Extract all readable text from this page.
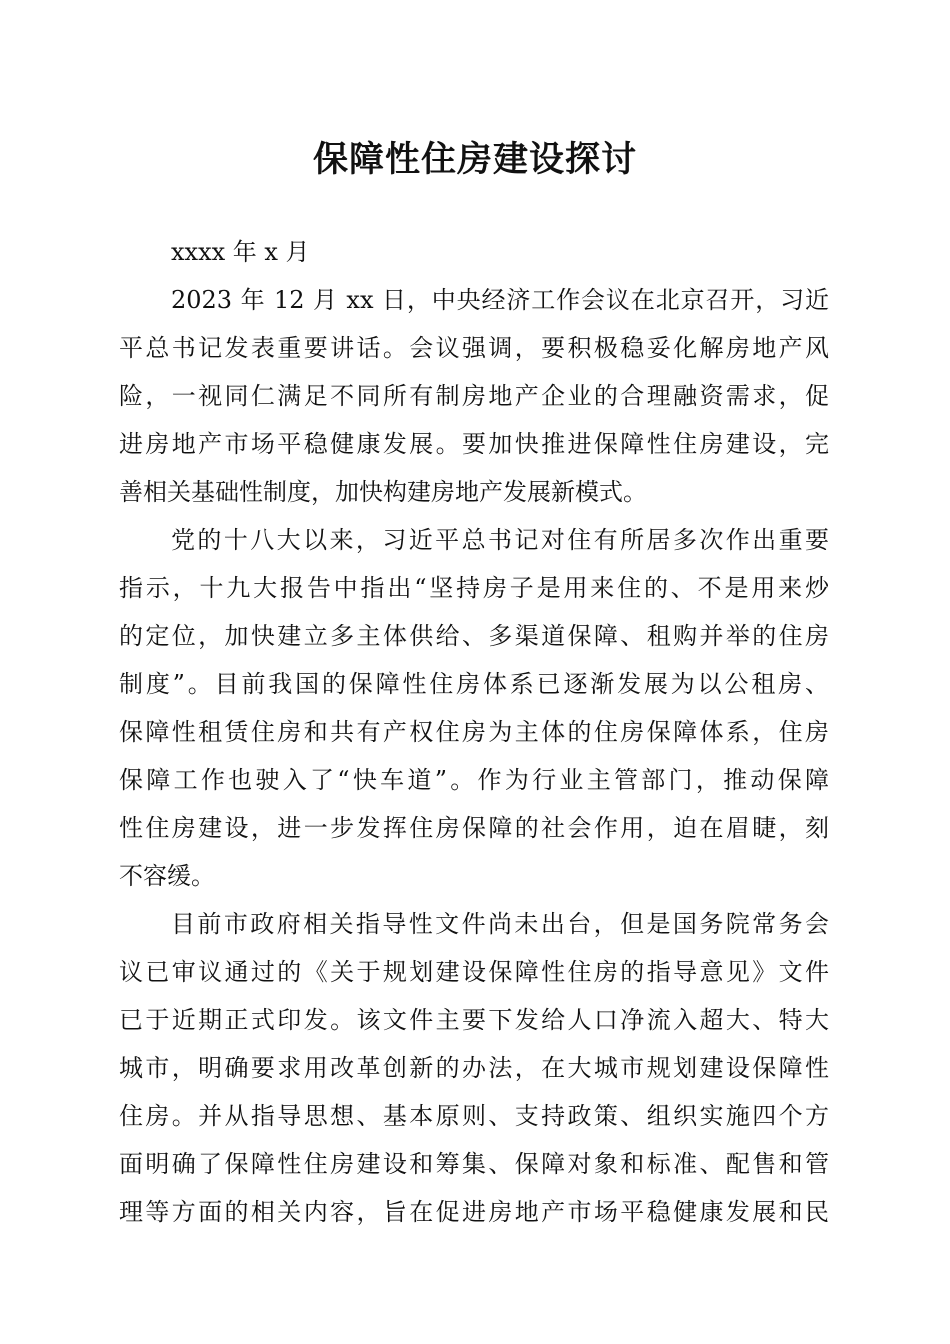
保障性住房建设探讨

xxxx 年 x 月

2023 年 12 月 xx 日，中央经济工作会议在北京召开，习近
平总书记发表重要讲话。会议强调，要积极稳妥化解房地产风
险，一视同仁满足不同所有制房地产企业的合理融资需求，促
进房地产市场平稳健康发展。要加快推进保障性住房建设，完
善相关基础性制度，加快构建房地产发展新模式。

党的十八大以来，习近平总书记对住有所居多次作出重要
指示，十九大报告中指出“坚持房子是用来住的、不是用来炒
的定位，加快建立多主体供给、多渠道保障、租购并举的住房
制度”。目前我国的保障性住房体系已逐渐发展为以公租房、
保障性租赁住房和共有产权住房为主体的住房保障体系，住房
保障工作也驶入了“快车道”。作为行业主管部门，推动保障
性住房建设，进一步发挥住房保障的社会作用，迫在眉睫，刻
不容缓。

目前市政府相关指导性文件尚未出台，但是国务院常务会
议已审议通过的《关于规划建设保障性住房的指导意见》文件
已于近期正式印发。该文件主要下发给人口净流入超大、特大
城市，明确要求用改革创新的办法，在大城市规划建设保障性
住房。并从指导思想、基本原则、支持政策、组织实施四个方
面明确了保障性住房建设和筹集、保障对象和标准、配售和管
理等方面的相关内容，旨在促进房地产市场平稳健康发展和民
